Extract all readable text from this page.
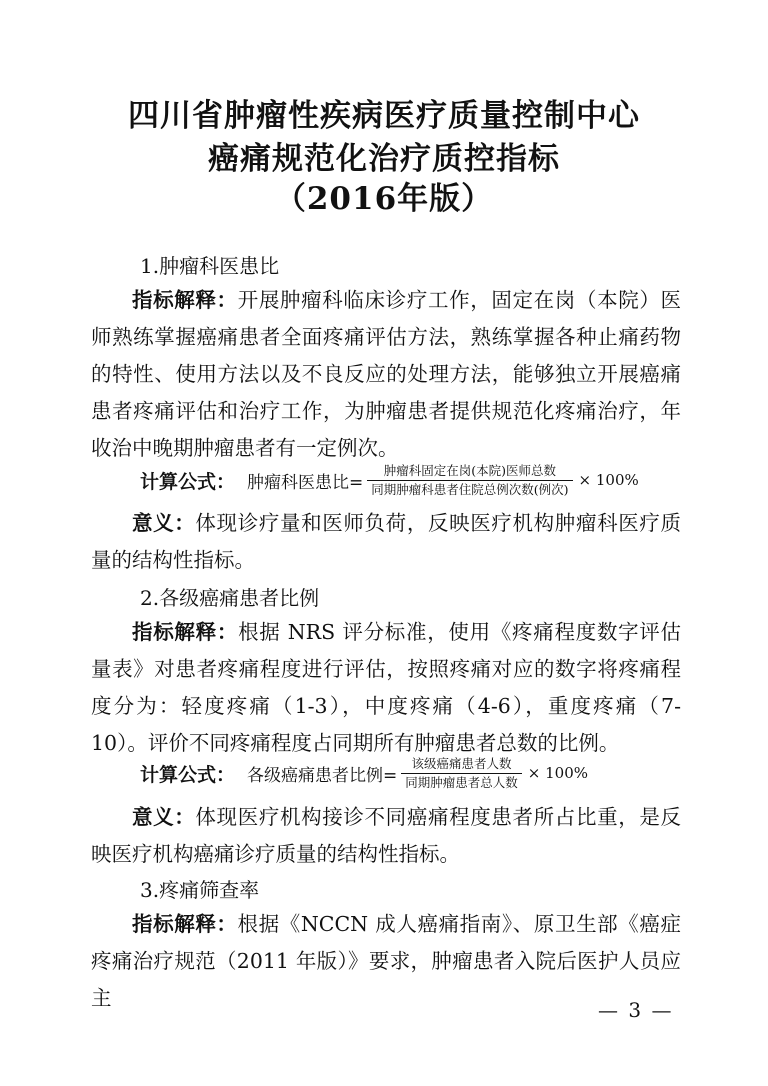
四川省肿瘤性疾病医疗质量控制中心
癌痛规范化治疗质控指标
（2016年版）
1.肿瘤科医患比
指标解释：开展肿瘤科临床诊疗工作，固定在岗（本院）医师熟练掌握癌痛患者全面疼痛评估方法，熟练掌握各种止痛药物的特性、使用方法以及不良反应的处理方法，能够独立开展癌痛患者疼痛评估和治疗工作，为肿瘤患者提供规范化疼痛治疗，年收治中晚期肿瘤患者有一定例次。
计算公式： 肿瘤科医患比= $\frac{\text{肿瘤科固定在岗(本院)医师总数}}{\text{同期肿瘤科患者住院总例次数(例次)}} \times 100\%$
意义：体现诊疗量和医师负荷，反映医疗机构肿瘤科医疗质量的结构性指标。
2.各级癌痛患者比例
指标解释：根据 NRS 评分标准，使用《疼痛程度数字评估量表》对患者疼痛程度进行评估，按照疼痛对应的数字将疼痛程度分为：轻度疼痛（1-3），中度疼痛（4-6），重度疼痛（7-10）。评价不同疼痛程度占同期所有肿瘤患者总数的比例。
计算公式： 各级癌痛患者比例= $\frac{\text{该级癌痛患者人数}}{\text{同期肿瘤患者总人数}} \times 100\%$
意义：体现医疗机构接诊不同癌痛程度患者所占比重，是反映医疗机构癌痛诊疗质量的结构性指标。
3.疼痛筛查率
指标解释：根据《NCCN 成人癌痛指南》、原卫生部《癌症疼痛治疗规范（2011 年版）》要求，肿瘤患者入院后医护人员应主	— 3 —
